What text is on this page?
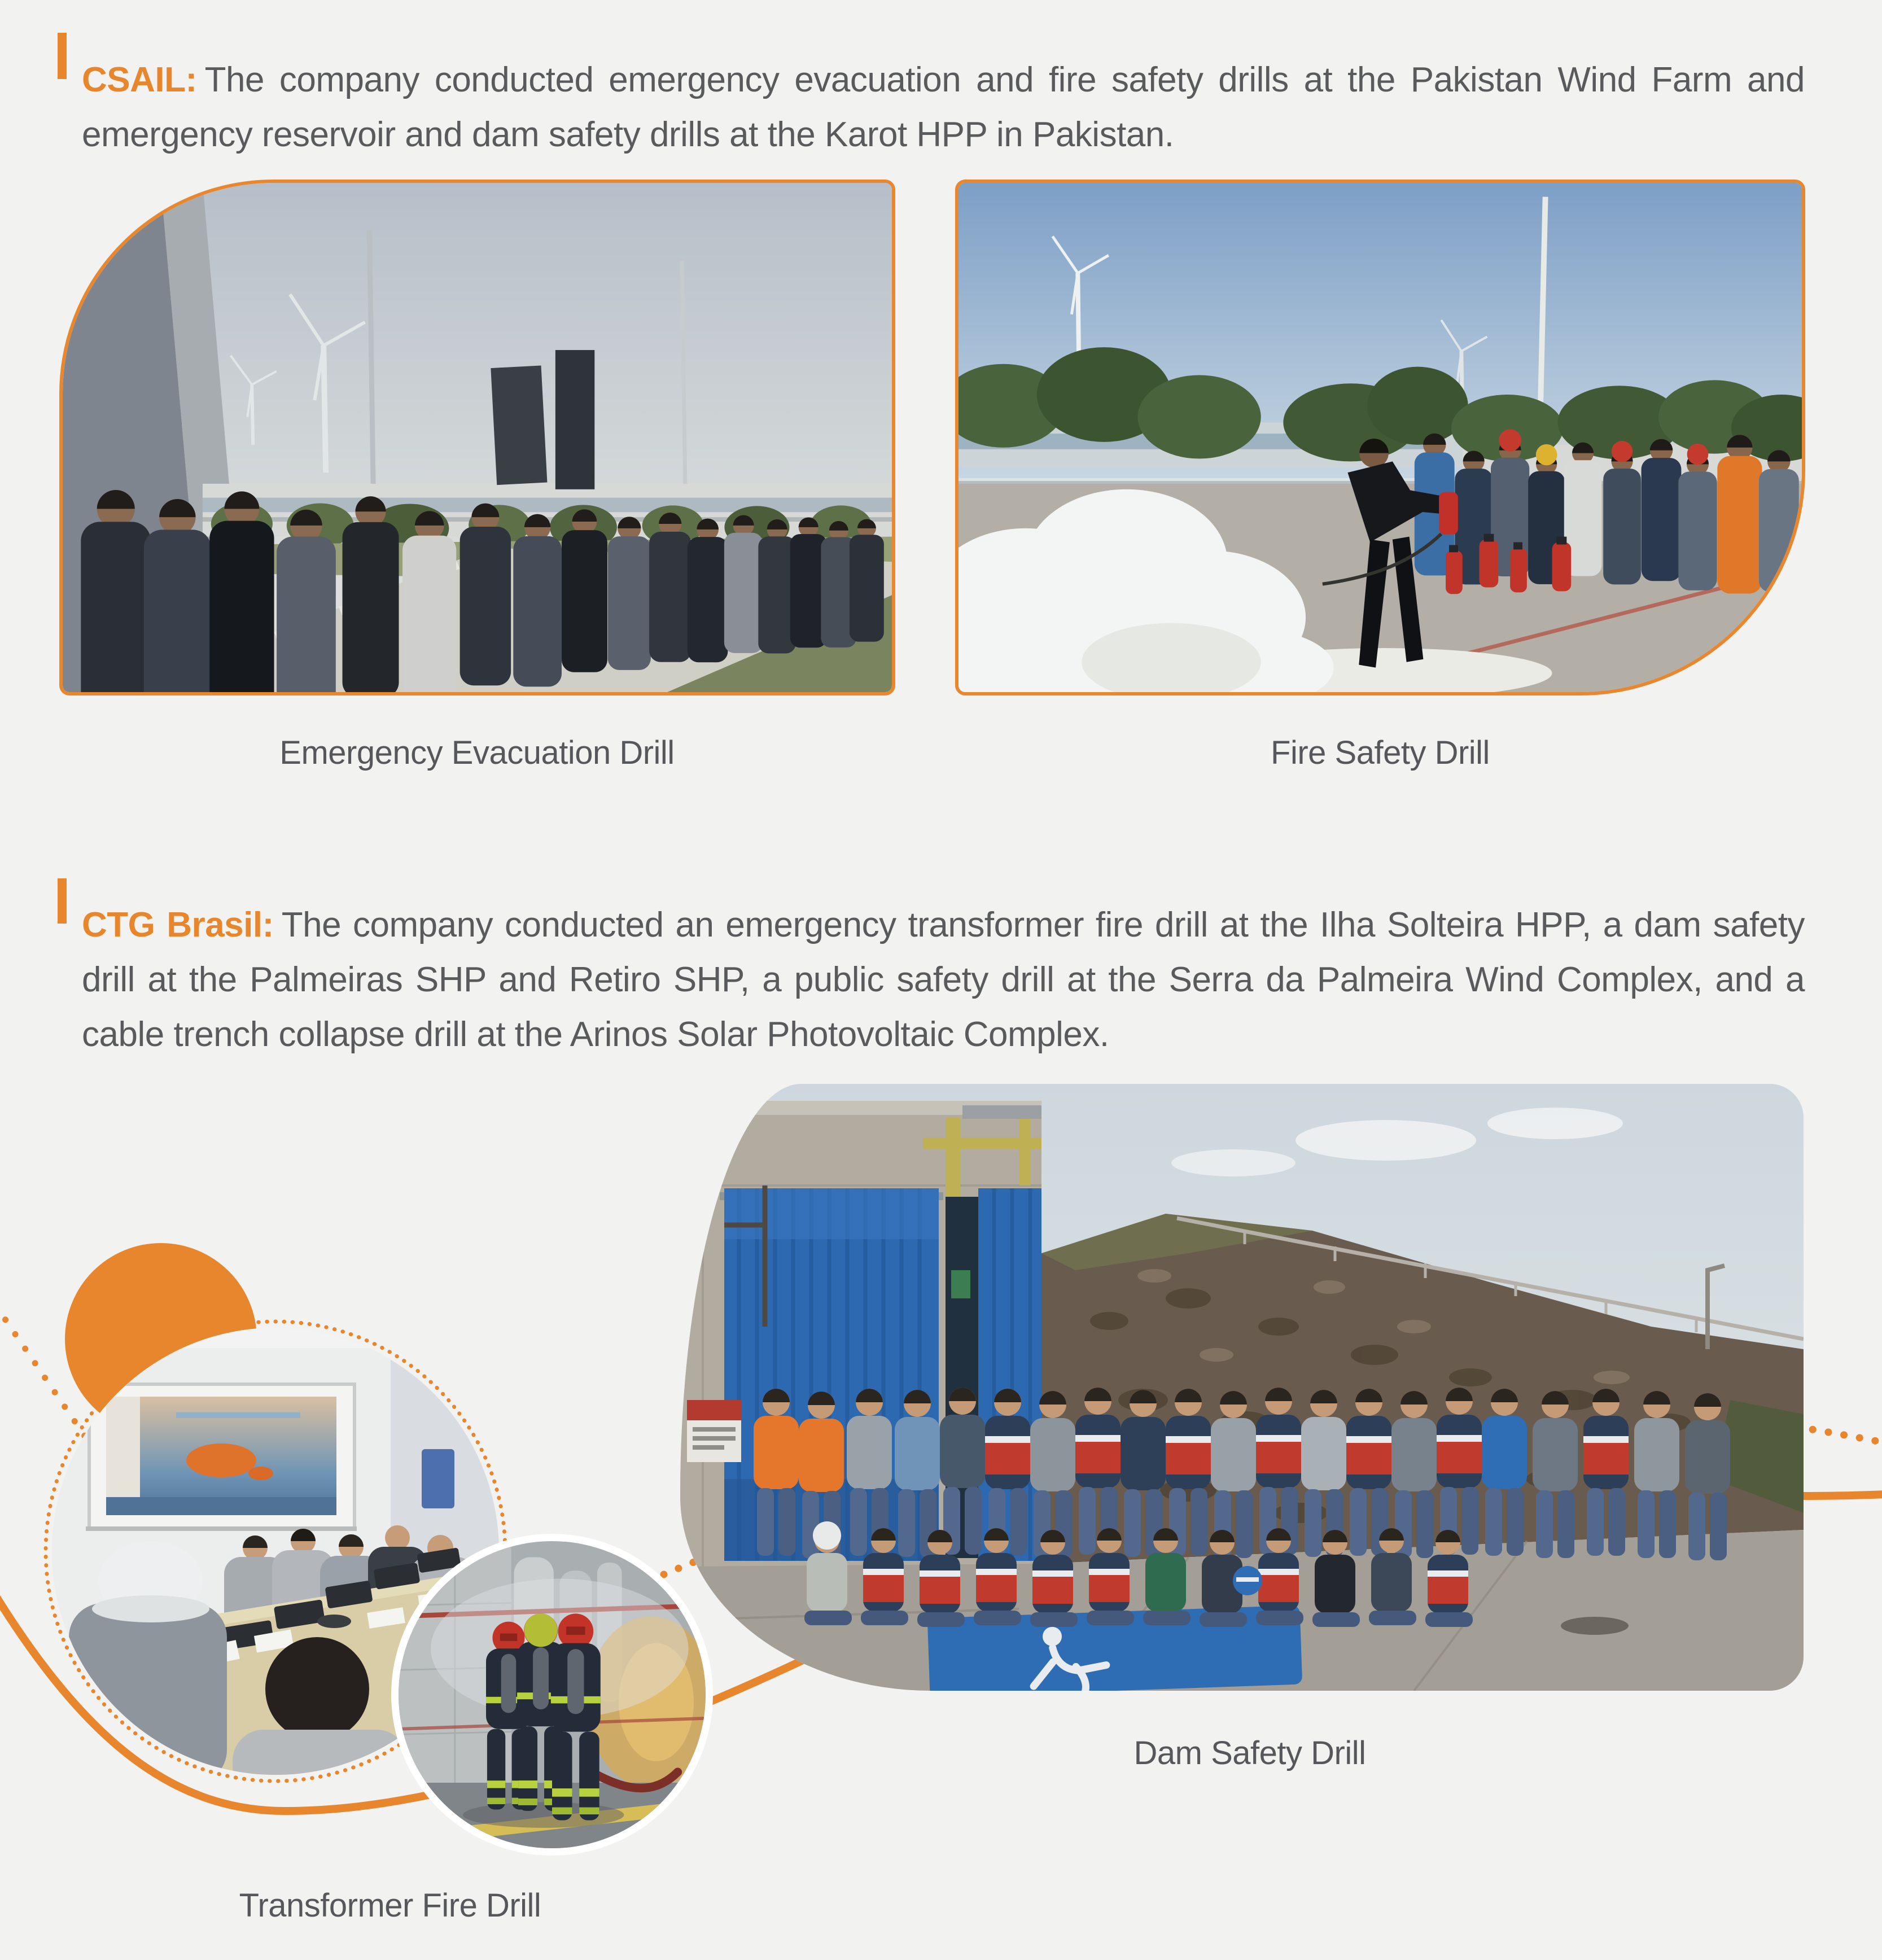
CSAIL: The company conducted emergency evacuation and fire safety drills at the Pakistan Wind Farm and emergency reservoir and dam safety drills at the Karot HPP in Pakistan.

Emergency Evacuation Drill	Fire Safety Drill

CTG Brasil: The company conducted an emergency transformer fire drill at the Ilha Solteira HPP, a dam safety drill at the Palmeiras SHP and Retiro SHP, a public safety drill at the Serra da Palmeira Wind Complex, and a cable trench collapse drill at the Arinos Solar Photovoltaic Complex.

Transformer Fire Drill
Dam Safety Drill
